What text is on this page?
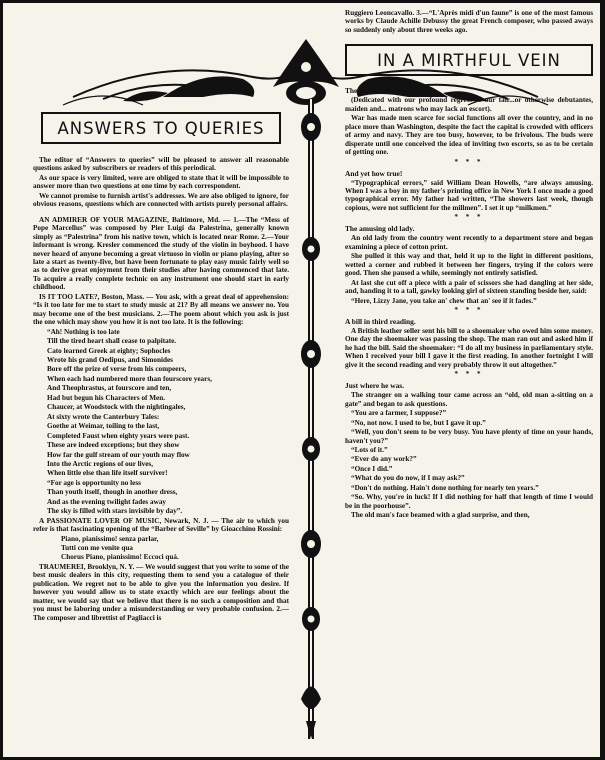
ANSWERS TO QUERIES

The editor of “Answers to queries” will be pleased to answer all reasonable questions asked by subscribers or readers of this periodical.

As our space is very limited, were are obliged to state that it will be impossible to answer more than two questions at one time by each correspondent.

We cannot promise to furnish artist's addresses. We are also obliged to ignore, for obvious reasons, questions which are connected with artists purely personal affairs.

AN ADMIRER OF YOUR MAGAZINE, Baltimore, Md. — 1.—The “Mess of Pope Marcellus” was composed by Pier Luigi da Palestrina, generally known simply as “Palestrina” from his native town, which is located near Rome. 2.—Your informant is wrong. Kresler commenced the study of the violin in boyhood. I have never heard of anyone becoming a great virtuoso in violin or piano playing, after so late a start as twenty-five, but have been fortunate to play easy music fairly well so as to derive great enjoyment from their studies after having commenced that late. To acquire a really complete technic on any instrument one should start in early childhood.

IS IT TOO LATE?, Boston, Mass. — You ask, with a great deal of apprehension: “Is it too late for me to start to study music at 21? By all means we answer no. You may become one of the best musicians. 2.—The poem about which you ask is just the one which may show you how it is not too late. It is the following:

“Ah! Nothing is too late

Till the tired heart shall cease to palpitate.

Cato learned Greek at eighty; Sophocles

Wrote his grand Oedipus, and Simonides

Bore off the prize of verse from his compeers,

When each had numbered more than fourscore years,

And Theophrastus, at fourscore and ten,

Had but begun his Characters of Men.

Chaucer, at Woodstock with the nightingales,

At sixty wrote the Canterbury Tales:

Goethe at Weimar, toiling to the last,

Completed Faust when eighty years were past.

These are indeed exceptions; but they show

How far the gulf stream of our youth may flow

Into the Arctic regions of our lives,

When little else than life itself surviver!

“For age is opportunity no less

Than youth itself, though in another dress,

And as the evening twilight fades away

The sky is filled with stars invisible by day”.

A PASSIONATE LOVER OF MUSIC, Newark, N. J. — The air to which you refer is that fascinating opening of the “Barber of Seville” by Gioacchino Rossini:

Piano, pianissimo! senza parlar,

Tutti con me venite qua

Chorus Piano, pianissimo! Eccoci quà.

TRAUMEREI, Brooklyn, N. Y. — We would suggest that you write to some of the best music dealers in this city, requesting them to send you a catalogue of their publication. We regret not to be able to give you the information you desire. If however you would allow us to state exactly which are our feelings about the matter, we would say that we believe that there is no such a composition and that you must be laboring under a misunderstanding or very probable confusion. 2.—The composer and librettist of Pagliacci is

Ruggiero Leoncavallo. 3.—“L'Après midi d'un faune” is one of the most famous works by Claude Achille Debussy the great French composer, who passed aways so suddenly only about three weeks ago.

IN A MIRTHFUL VEIN
The inconveniences of war.

(Dedicated with our profound regrets to our fair...or otherwise debutantes, maiden and... matrons who may lack an escort).

War has made men scarce for social functions all over the country, and in no place more than Washington, despite the fact the capital is crowded with officers of army and navy. They are too busy, however, to be frivolous. The buds were disperate until one conceived the idea of inviting two escorts, so as to be certain of getting one.

* * *
And yet how true!

“Typographical errors,” said William Dean Howells, “are always amusing. When I was a boy in my father's printing office in New York I once made a good typographical error. My father had written, “The showers last week, though copious, were not sufficient for the millmen”. I set it up “milkmen.”

* * *
The amusing old lady.

An old lady from the country went recently to a department store and began examining a piece of cotton print.

She pulled it this way and that, held it up to the light in different positions, wetted a corner and rubbed it between her fingers, trying if the colors were good. Then she paused a while, seemingly not entirely satisfied.

At last she cut off a piece with a pair of scissors she had dangling at her side, and, handing it to a tall, gawky looking girl of sixteen standing beside her, said:

“Here, Lizzy Jane, you take an' chew that an' see if it fades.”

* * *
A bill in third reading.

A British leather seller sent his bill to a shoemaker who owed him some money. One day the shoemaker was passing the shop. The man ran out and asked him if he had the bill. Said the shoemaker: “I do all my business in parliamentary style. When I received your bill I gave it the first reading. In another fortnight I will give it the second reading and very probably throw it out altogether.”

* * *
Just where he was.

The stranger on a walking tour came across an “old, old man a-sitting on a gate” and began to ask questions.

“You are a farmer, I suppose?”

“No, not now. I used to be, but I gave it up.”

“Well, you don't seem to be very busy. You have plenty of time on your hands, haven't you?”

“Lots of it.”

“Ever do any work?”

“Once I did.”

“What do you do now, if I may ask?”

“Don't do nothing. Hain't done nothing for nearly ten years.”

“So. Why, you're in luck! If I did nothing for half that length of time I would be in the poorhouse”.

The old man's face beamed with a glad surprise, and then,
